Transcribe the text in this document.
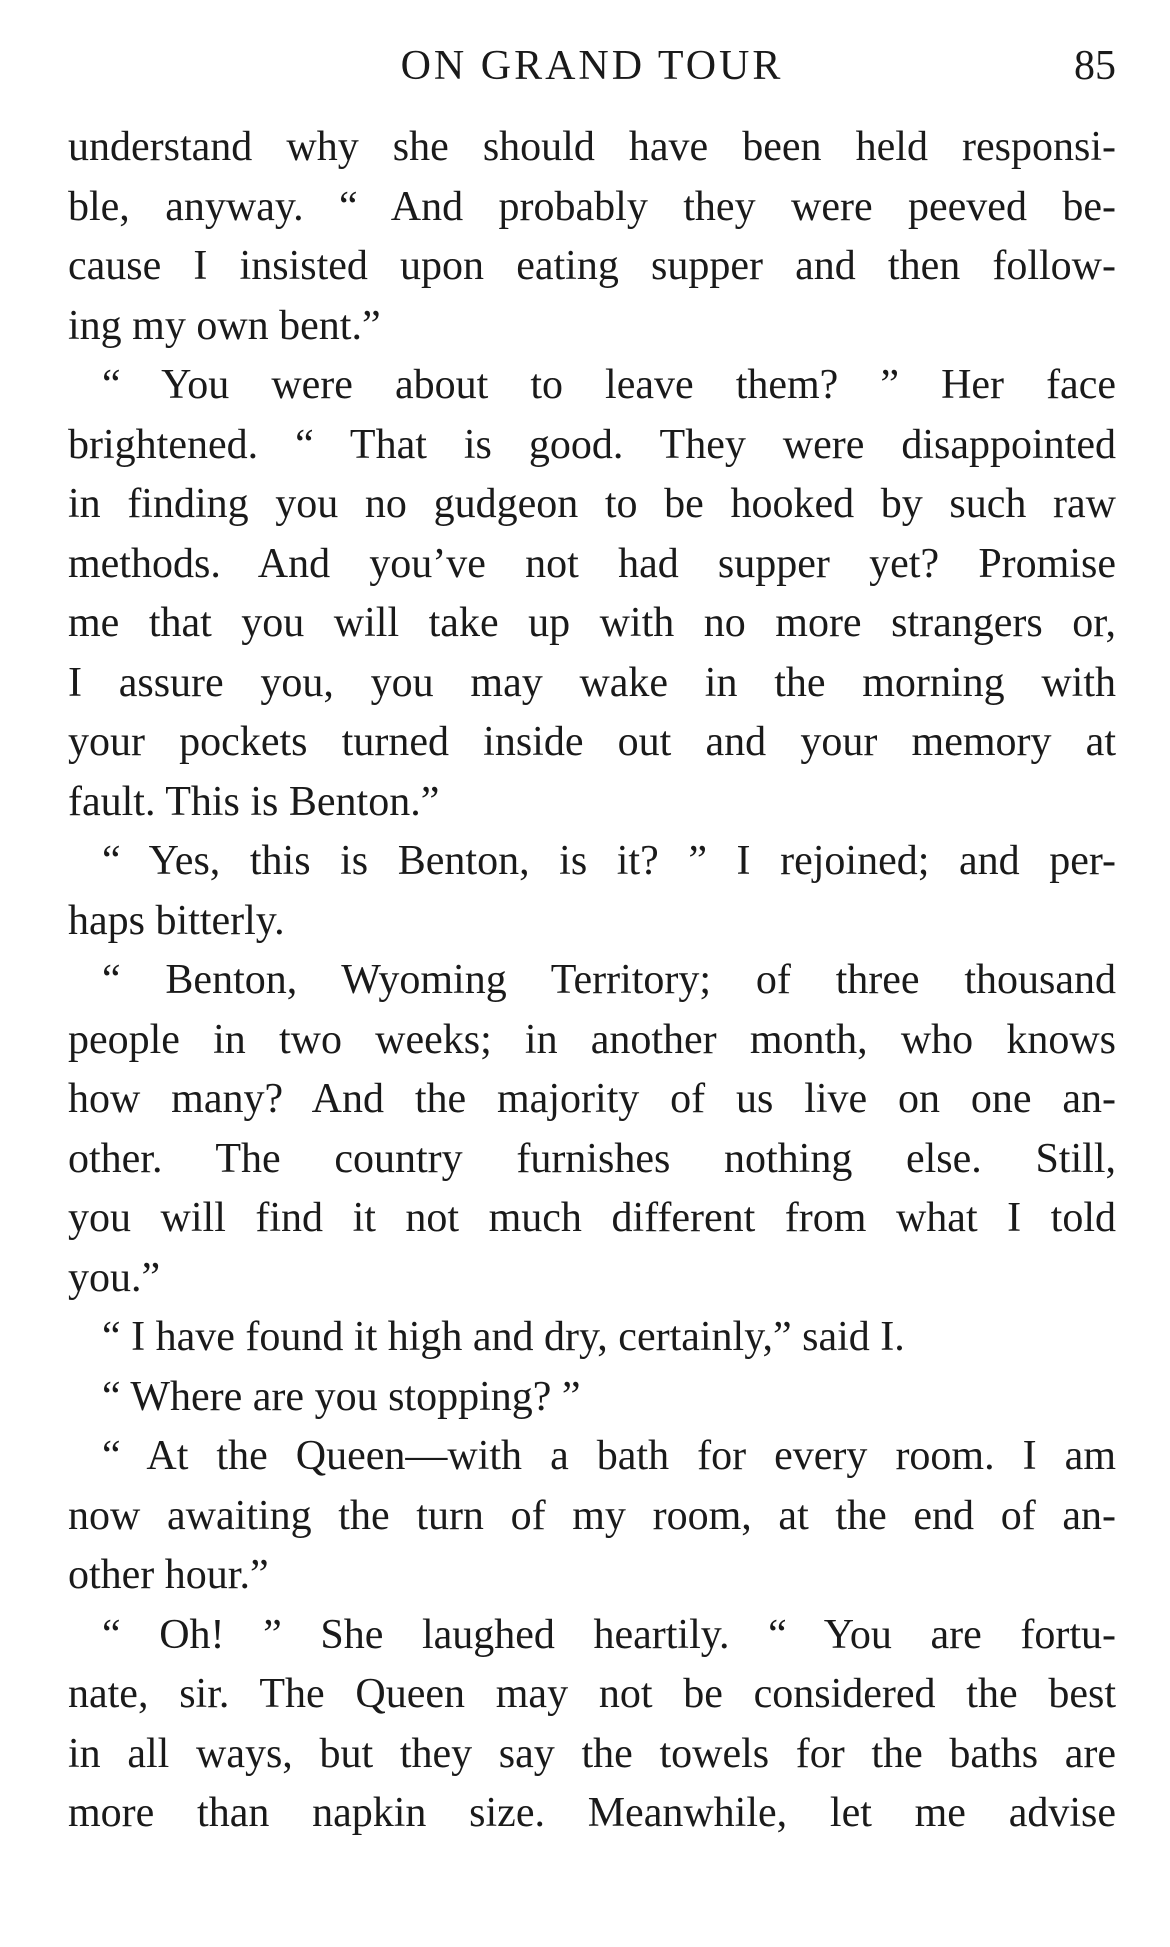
ON GRAND TOUR	85
understand why she should have been held responsi-
ble, anyway. “ And probably they were peeved be-
cause I insisted upon eating supper and then follow-
ing my own bent.”
“ You were about to leave them? ” Her face
brightened. “ That is good. They were disappointed
in finding you no gudgeon to be hooked by such raw
methods. And you’ve not had supper yet? Promise
me that you will take up with no more strangers or,
I assure you, you may wake in the morning with
your pockets turned inside out and your memory at
fault. This is Benton.”
“ Yes, this is Benton, is it? ” I rejoined; and per-
haps bitterly.
“ Benton, Wyoming Territory; of three thousand
people in two weeks; in another month, who knows
how many? And the majority of us live on one an-
other. The country furnishes nothing else. Still,
you will find it not much different from what I told
you.”
“ I have found it high and dry, certainly,” said I.
“ Where are you stopping? ”
“ At the Queen—with a bath for every room. I am
now awaiting the turn of my room, at the end of an-
other hour.”
“ Oh! ” She laughed heartily. “ You are fortu-
nate, sir. The Queen may not be considered the best
in all ways, but they say the towels for the baths are
more than napkin size. Meanwhile, let me advise
